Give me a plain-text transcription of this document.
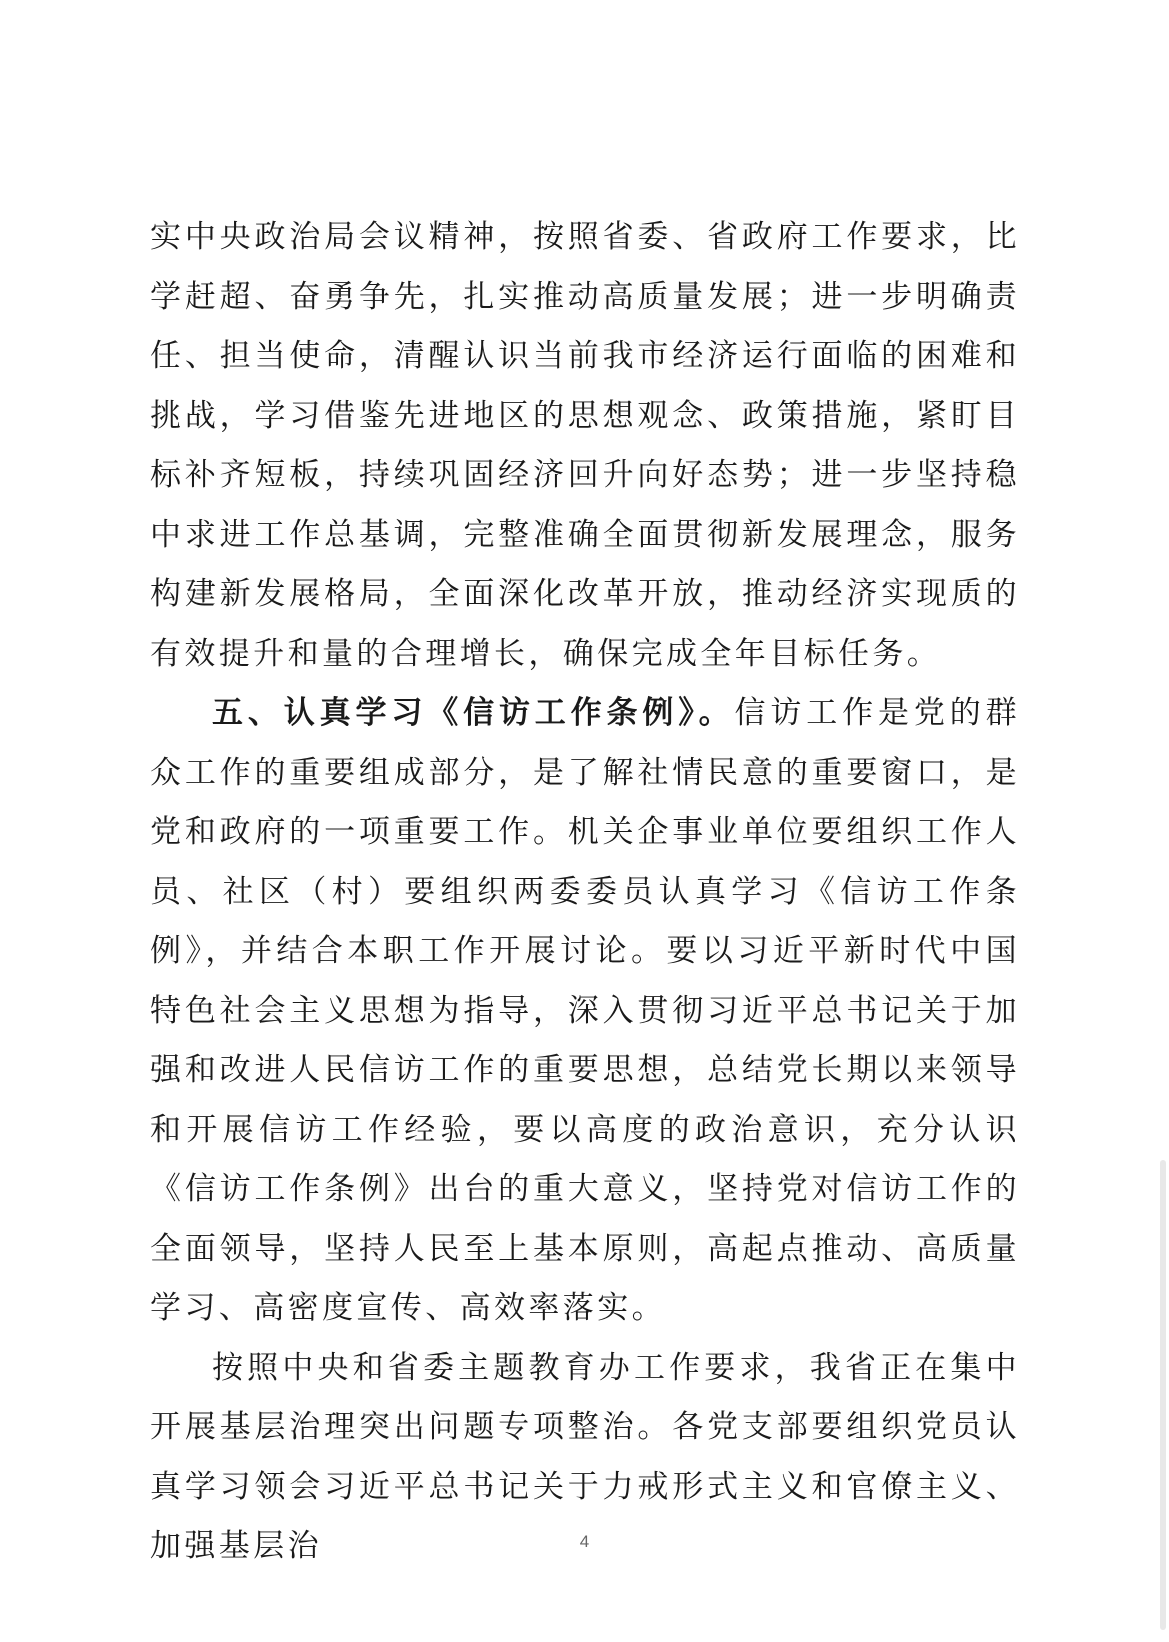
实中央政治局会议精神，按照省委、省政府工作要求，比学赶超、奋勇争先，扎实推动高质量发展；进一步明确责任、担当使命，清醒认识当前我市经济运行面临的困难和挑战，学习借鉴先进地区的思想观念、政策措施，紧盯目标补齐短板，持续巩固经济回升向好态势；进一步坚持稳中求进工作总基调，完整准确全面贯彻新发展理念，服务构建新发展格局，全面深化改革开放，推动经济实现质的有效提升和量的合理增长，确保完成全年目标任务。

五、认真学习《信访工作条例》。信访工作是党的群众工作的重要组成部分，是了解社情民意的重要窗口，是党和政府的一项重要工作。机关企事业单位要组织工作人员、社区（村）要组织两委委员认真学习《信访工作条例》，并结合本职工作开展讨论。要以习近平新时代中国特色社会主义思想为指导，深入贯彻习近平总书记关于加强和改进人民信访工作的重要思想，总结党长期以来领导和开展信访工作经验，要以高度的政治意识，充分认识《信访工作条例》出台的重大意义，坚持党对信访工作的全面领导，坚持人民至上基本原则，高起点推动、高质量学习、高密度宣传、高效率落实。

按照中央和省委主题教育办工作要求，我省正在集中开展基层治理突出问题专项整治。各党支部要组织党员认真学习领会习近平总书记关于力戒形式主义和官僚主义、加强基层治	4
